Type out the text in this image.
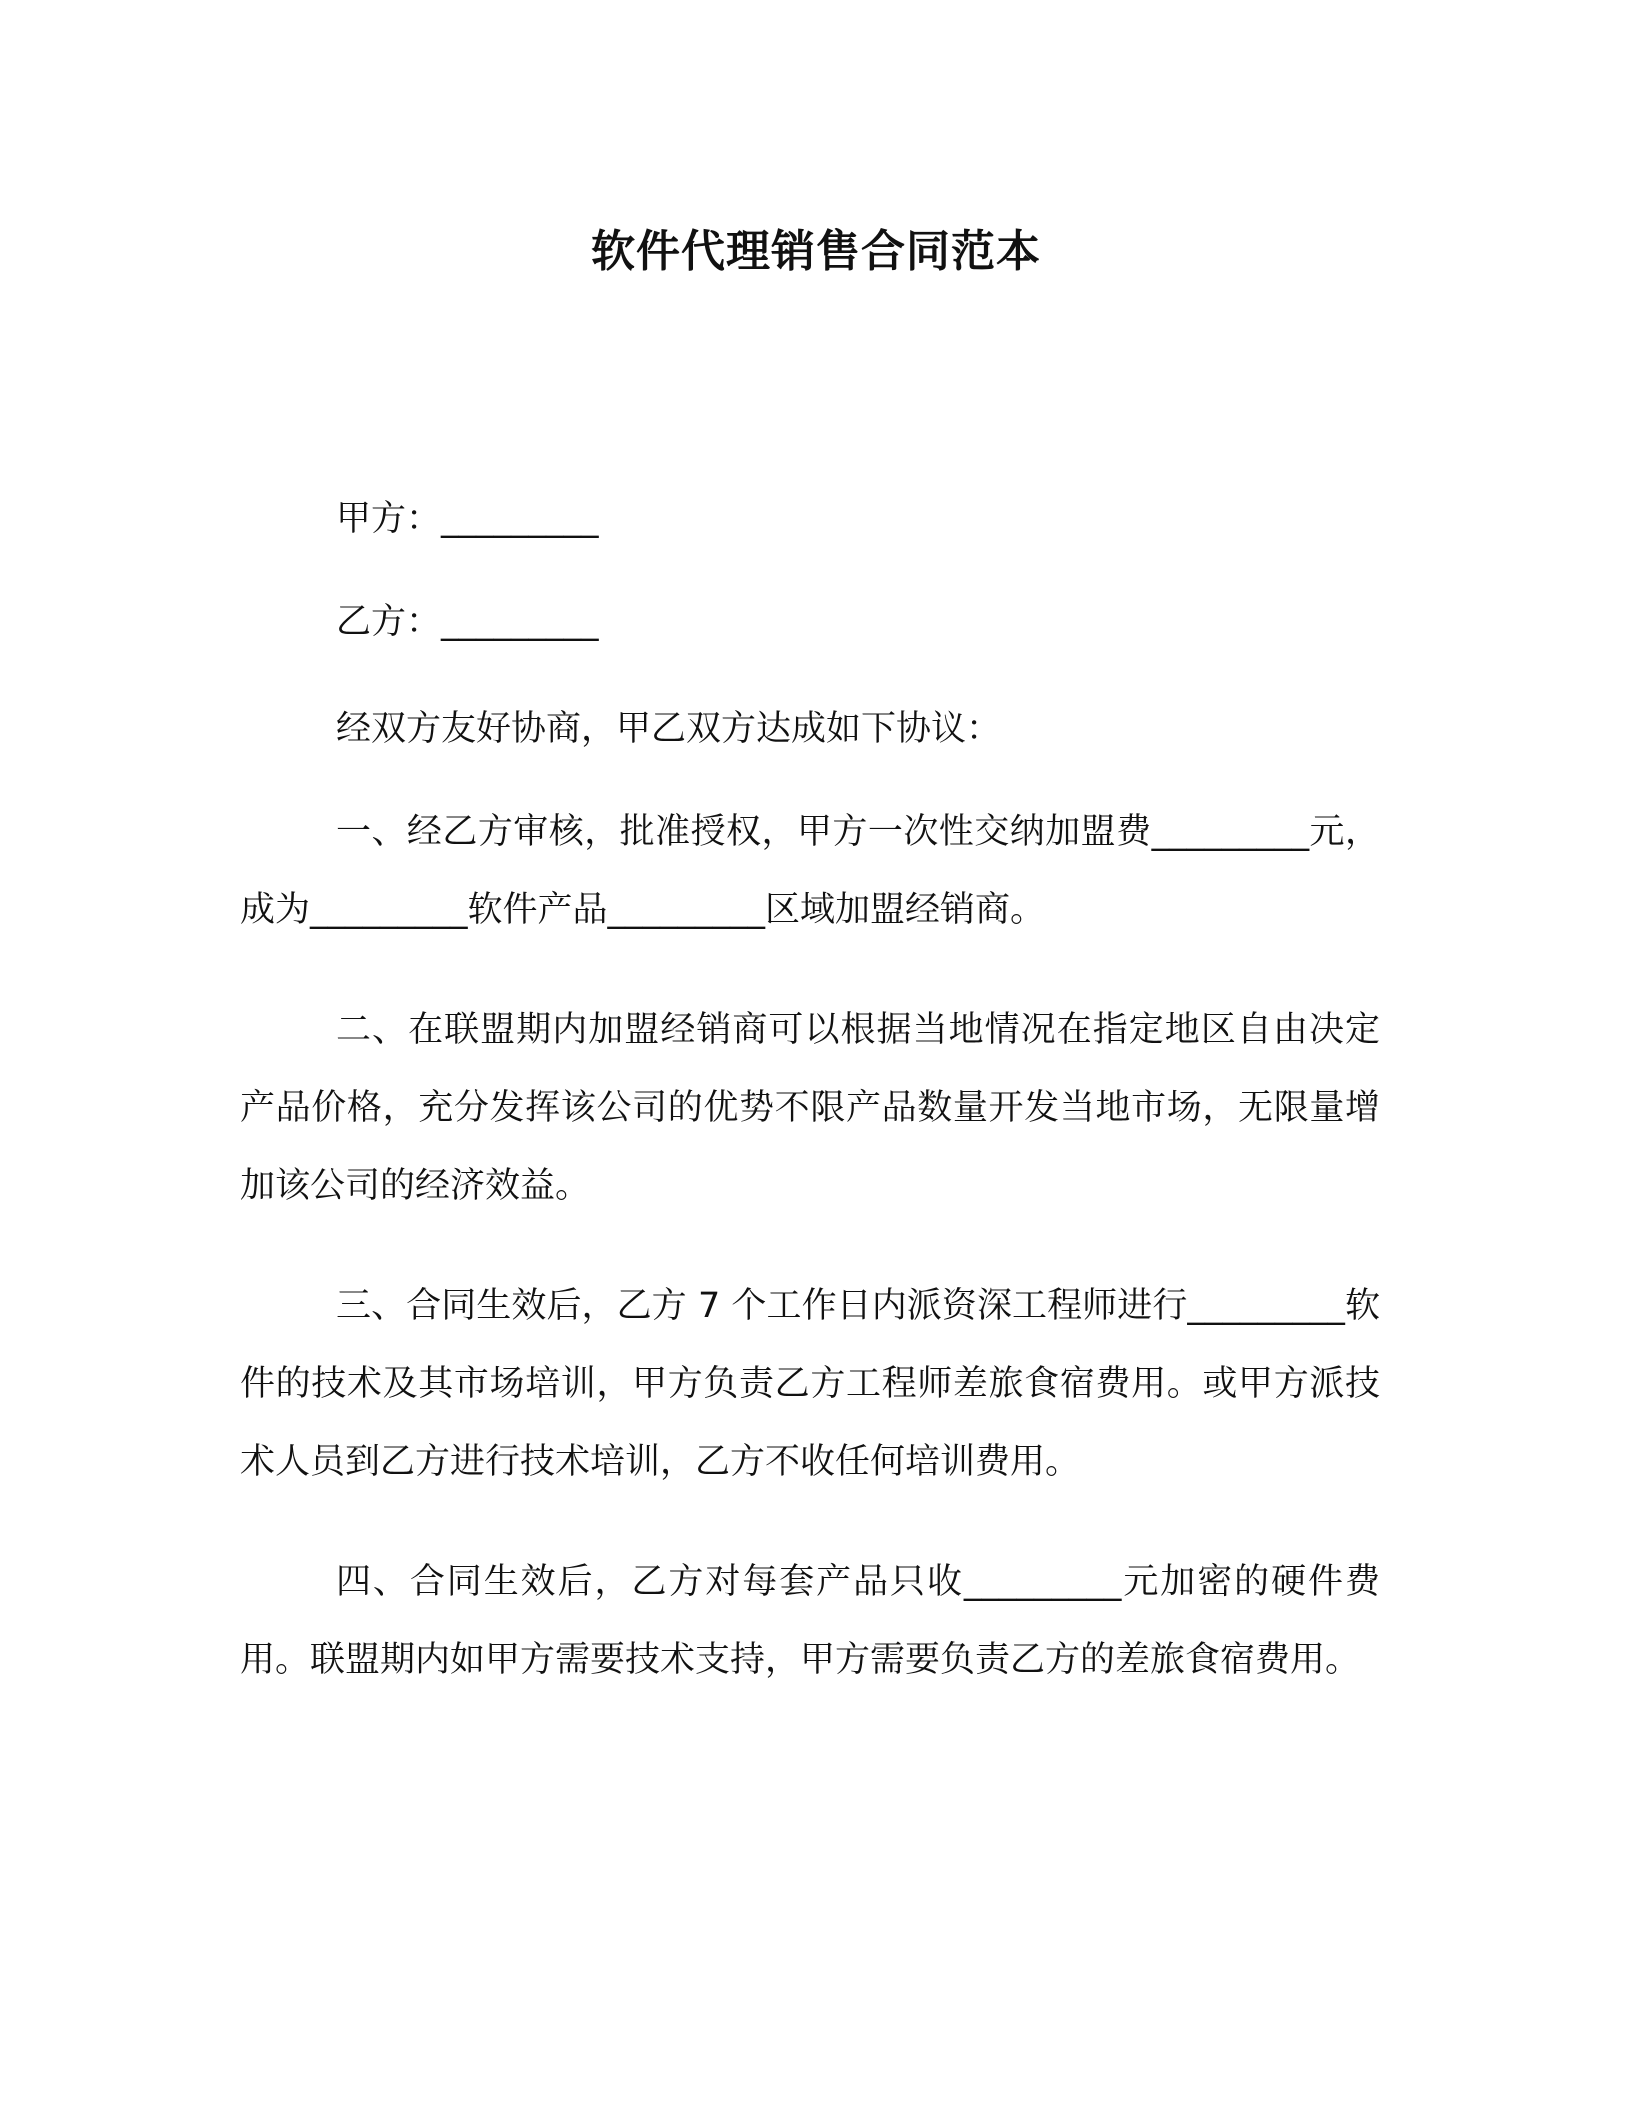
软件代理销售合同范本

甲方：_________

乙方：_________

经双方友好协商，甲乙双方达成如下协议：

一、经乙方审核，批准授权，甲方一次性交纳加盟费_________元，成为_________软件产品_________区域加盟经销商。

二、在联盟期内加盟经销商可以根据当地情况在指定地区自由决定产品价格，充分发挥该公司的优势不限产品数量开发当地市场，无限量增加该公司的经济效益。

三、合同生效后，乙方 7 个工作日内派资深工程师进行_________软件的技术及其市场培训，甲方负责乙方工程师差旅食宿费用。或甲方派技术人员到乙方进行技术培训，乙方不收任何培训费用。

四、合同生效后，乙方对每套产品只收_________元加密的硬件费用。联盟期内如甲方需要技术支持，甲方需要负责乙方的差旅食宿费用。
